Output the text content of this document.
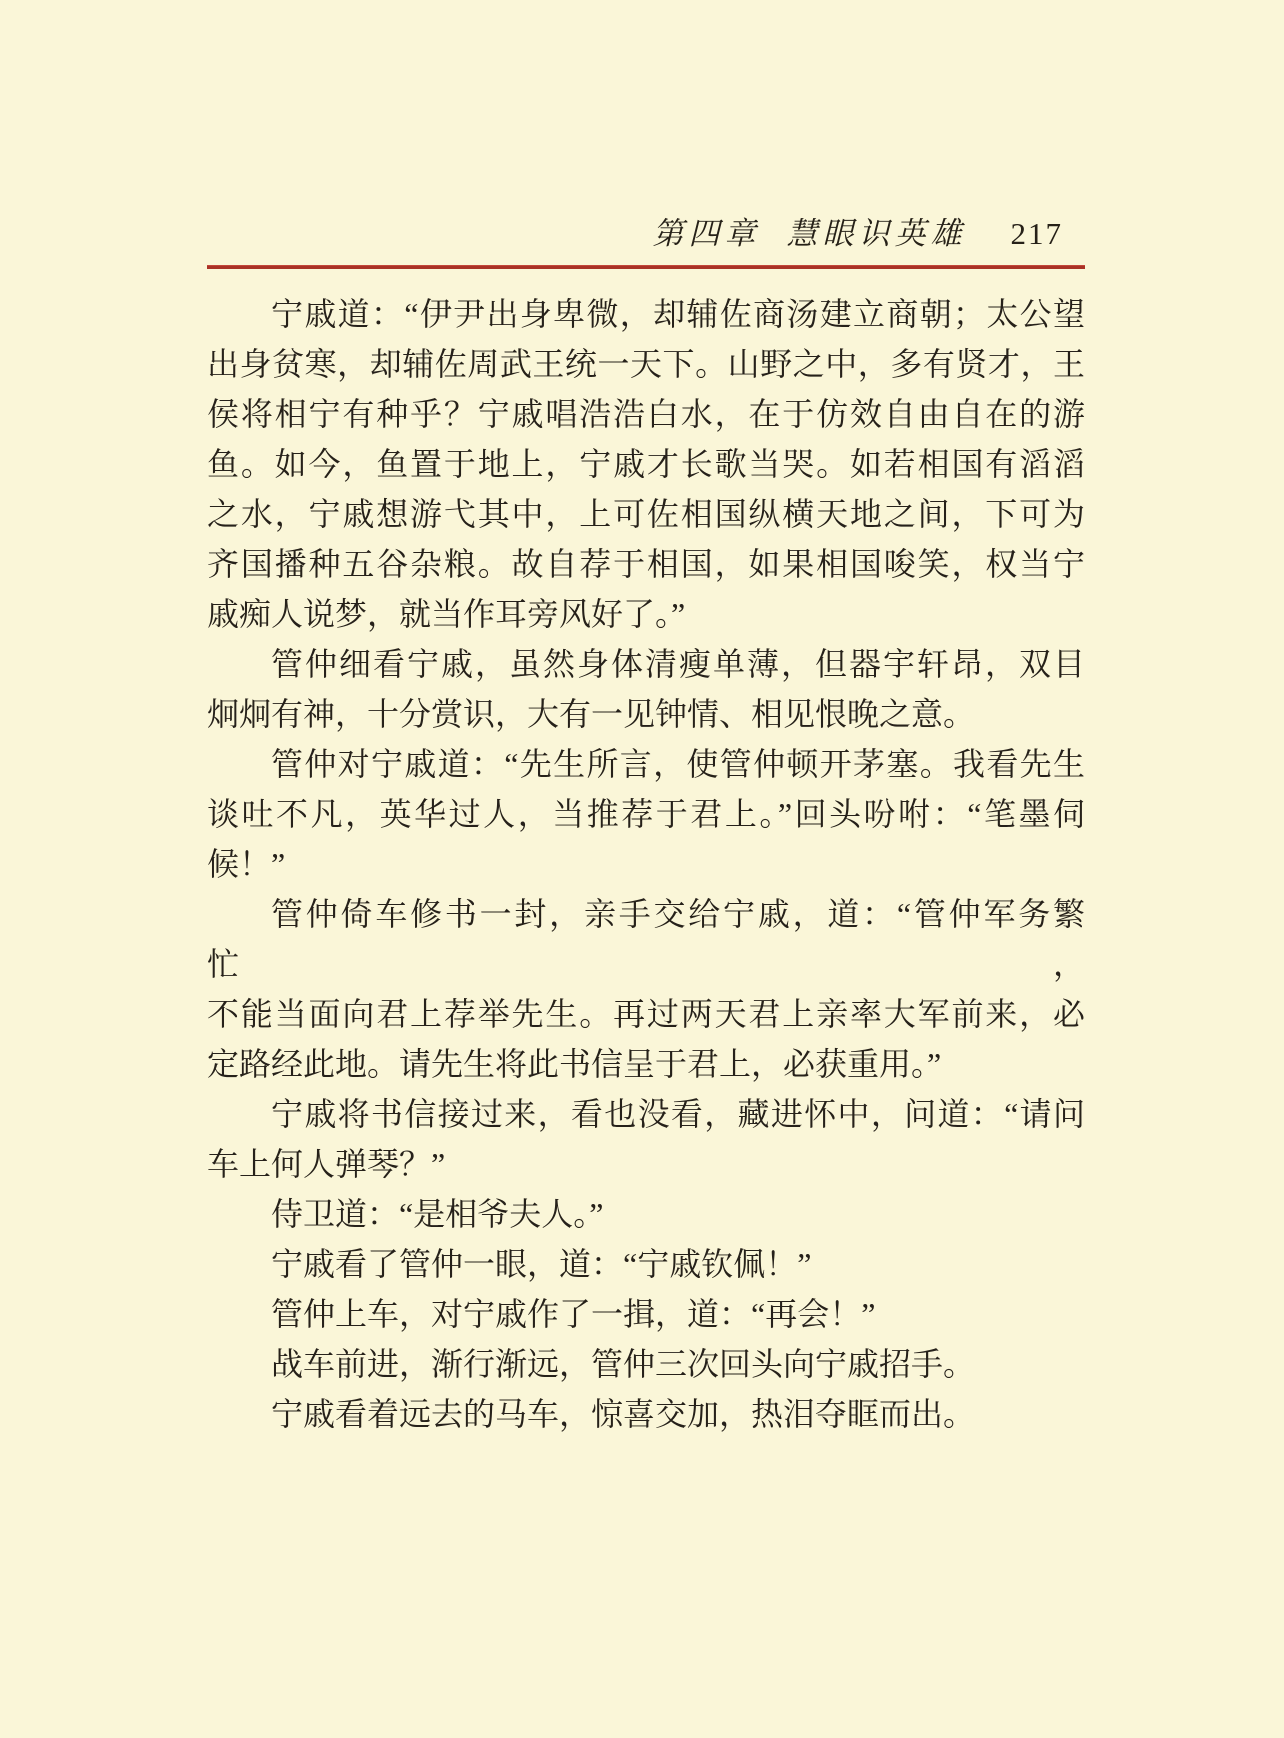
第四章 慧眼识英雄 217
宁戚道：“伊尹出身卑微，却辅佐商汤建立商朝；太公望
出身贫寒，却辅佐周武王统一天下。山野之中，多有贤才，王
侯将相宁有种乎？宁戚唱浩浩白水，在于仿效自由自在的游
鱼。如今，鱼置于地上，宁戚才长歌当哭。如若相国有滔滔
之水，宁戚想游弋其中，上可佐相国纵横天地之间，下可为
齐国播种五谷杂粮。故自荐于相国，如果相国唆笑，权当宁
戚痴人说梦，就当作耳旁风好了。”
管仲细看宁戚，虽然身体清瘦单薄，但器宇轩昂，双目
炯炯有神，十分赏识，大有一见钟情、相见恨晚之意。
管仲对宁戚道：“先生所言，使管仲顿开茅塞。我看先生
谈吐不凡，英华过人，当推荐于君上。”回头吩咐：“笔墨伺
候！”
管仲倚车修书一封，亲手交给宁戚，道：“管仲军务繁忙，
不能当面向君上荐举先生。再过两天君上亲率大军前来，必
定路经此地。请先生将此书信呈于君上，必获重用。”
宁戚将书信接过来，看也没看，藏进怀中，问道：“请问
车上何人弹琴？”
侍卫道：“是相爷夫人。”
宁戚看了管仲一眼，道：“宁戚钦佩！”
管仲上车，对宁戚作了一揖，道：“再会！”
战车前进，渐行渐远，管仲三次回头向宁戚招手。
宁戚看着远去的马车，惊喜交加，热泪夺眶而出。
